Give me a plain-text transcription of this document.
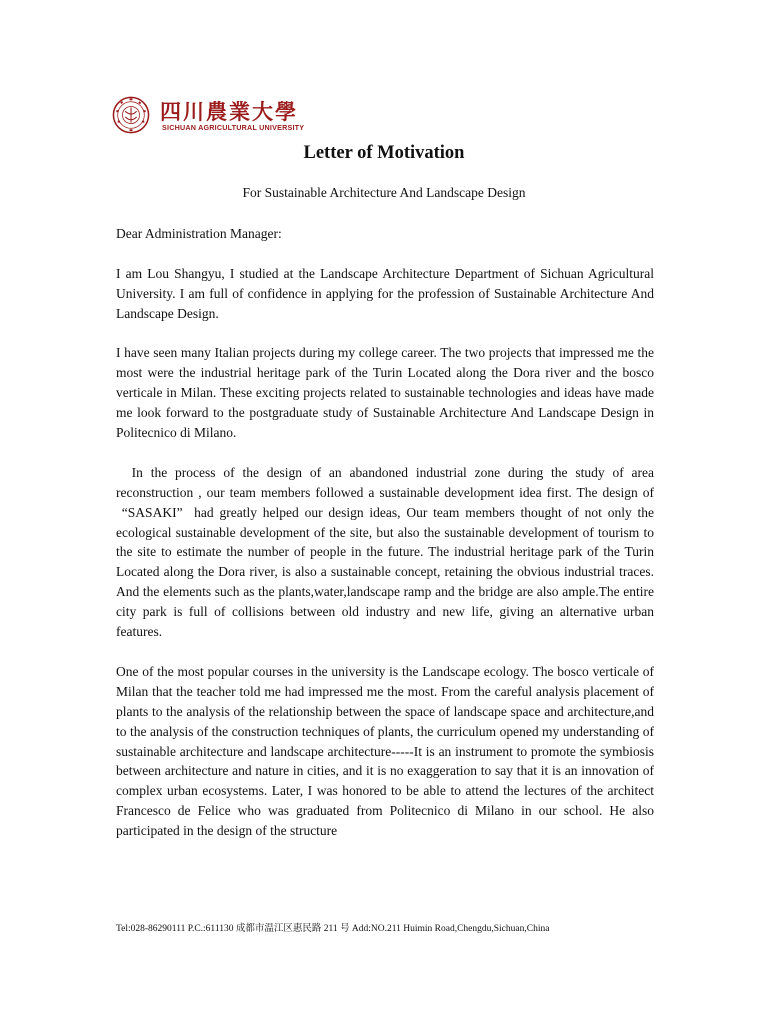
四川農業大學
SICHUAN AGRICULTURAL UNIVERSITY
Letter of Motivation
For Sustainable Architecture And Landscape Design

Dear Administration Manager:

I am Lou Shangyu, I studied at the Landscape Architecture Department of Sichuan Agricultural University. I am full of confidence in applying for the profession of Sustainable Architecture And Landscape Design.

I have seen many Italian projects during my college career. The two projects that impressed me the most were the industrial heritage park of the Turin Located along the Dora river and the bosco verticale in Milan. These exciting projects related to sustainable technologies and ideas have made me look forward to the postgraduate study of Sustainable Architecture And Landscape Design in Politecnico di Milano.

In the process of the design of an abandoned industrial zone during the study of area reconstruction , our team members followed a sustainable development idea first. The design of  “SASAKI”  had greatly helped our design ideas, Our team members thought of not only the ecological sustainable development of the site, but also the sustainable development of tourism to the site to estimate the number of people in the future. The industrial heritage park of the Turin Located along the Dora river, is also a sustainable concept, retaining the obvious industrial traces. And the elements such as the plants,water,landscape ramp and the bridge are also ample.The entire city park is full of collisions between old industry and new life, giving an alternative urban features.

One of the most popular courses in the university is the Landscape ecology. The bosco verticale of Milan that the teacher told me had impressed me the most. From the careful analysis placement of plants to the analysis of the relationship between the space of landscape space and architecture,and to the analysis of the construction techniques of plants, the curriculum opened my understanding of sustainable architecture and landscape architecture-----It is an instrument to promote the symbiosis between architecture and nature in cities, and it is no exaggeration to say that it is an innovation of complex urban ecosystems. Later, I was honored to be able to attend the lectures of the architect Francesco de Felice who was graduated from Politecnico di Milano in our school. He also participated in the design of the structure

Tel:028-86290111 P.C.:611130 成都市温江区惠民路 211 号 Add:NO.211 Huimin Road,Chengdu,Sichuan,China
